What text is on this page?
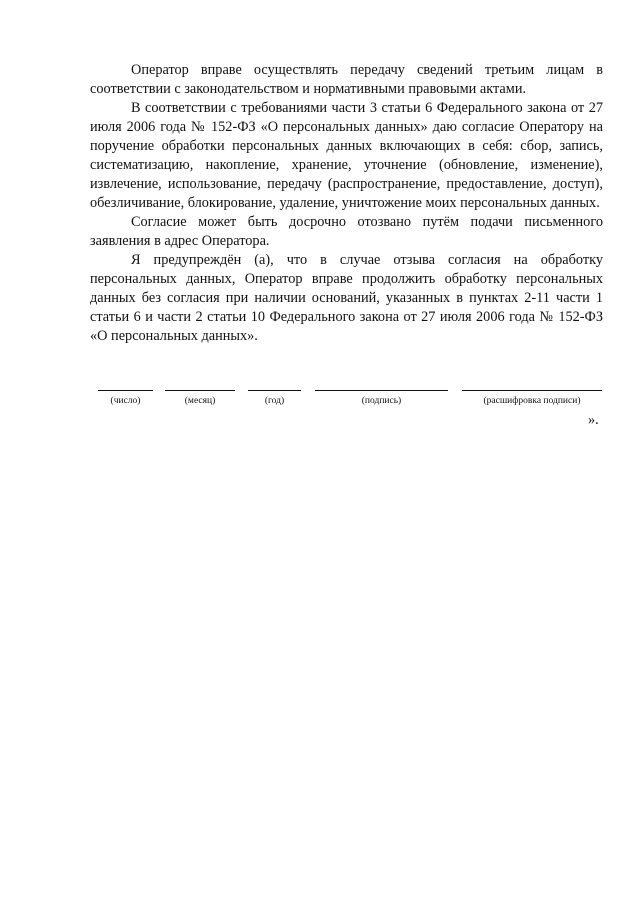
Оператор вправе осуществлять передачу сведений третьим лицам в соответствии с законодательством и нормативными правовыми актами.

В соответствии с требованиями части 3 статьи 6 Федерального закона от 27 июля 2006 года № 152-ФЗ «О персональных данных» даю согласие Оператору на поручение обработки персональных данных включающих в себя: сбор, запись, систематизацию, накопление, хранение, уточнение (обновление, изменение), извлечение, использование, передачу (распространение, предоставление, доступ), обезличивание, блокирование, удаление, уничтожение моих персональных данных.

Согласие может быть досрочно отозвано путём подачи письменного заявления в адрес Оператора.

Я предупреждён (а), что в случае отзыва согласия на обработку персональных данных, Оператор вправе продолжить обработку персональных данных без согласия при наличии оснований, указанных в пунктах 2-11 части 1 статьи 6 и части 2 статьи 10 Федерального закона от 27 июля 2006 года № 152-ФЗ «О персональных данных».

(число)	(месяц)	(год)	(подпись)	(расшифровка подписи)
».
